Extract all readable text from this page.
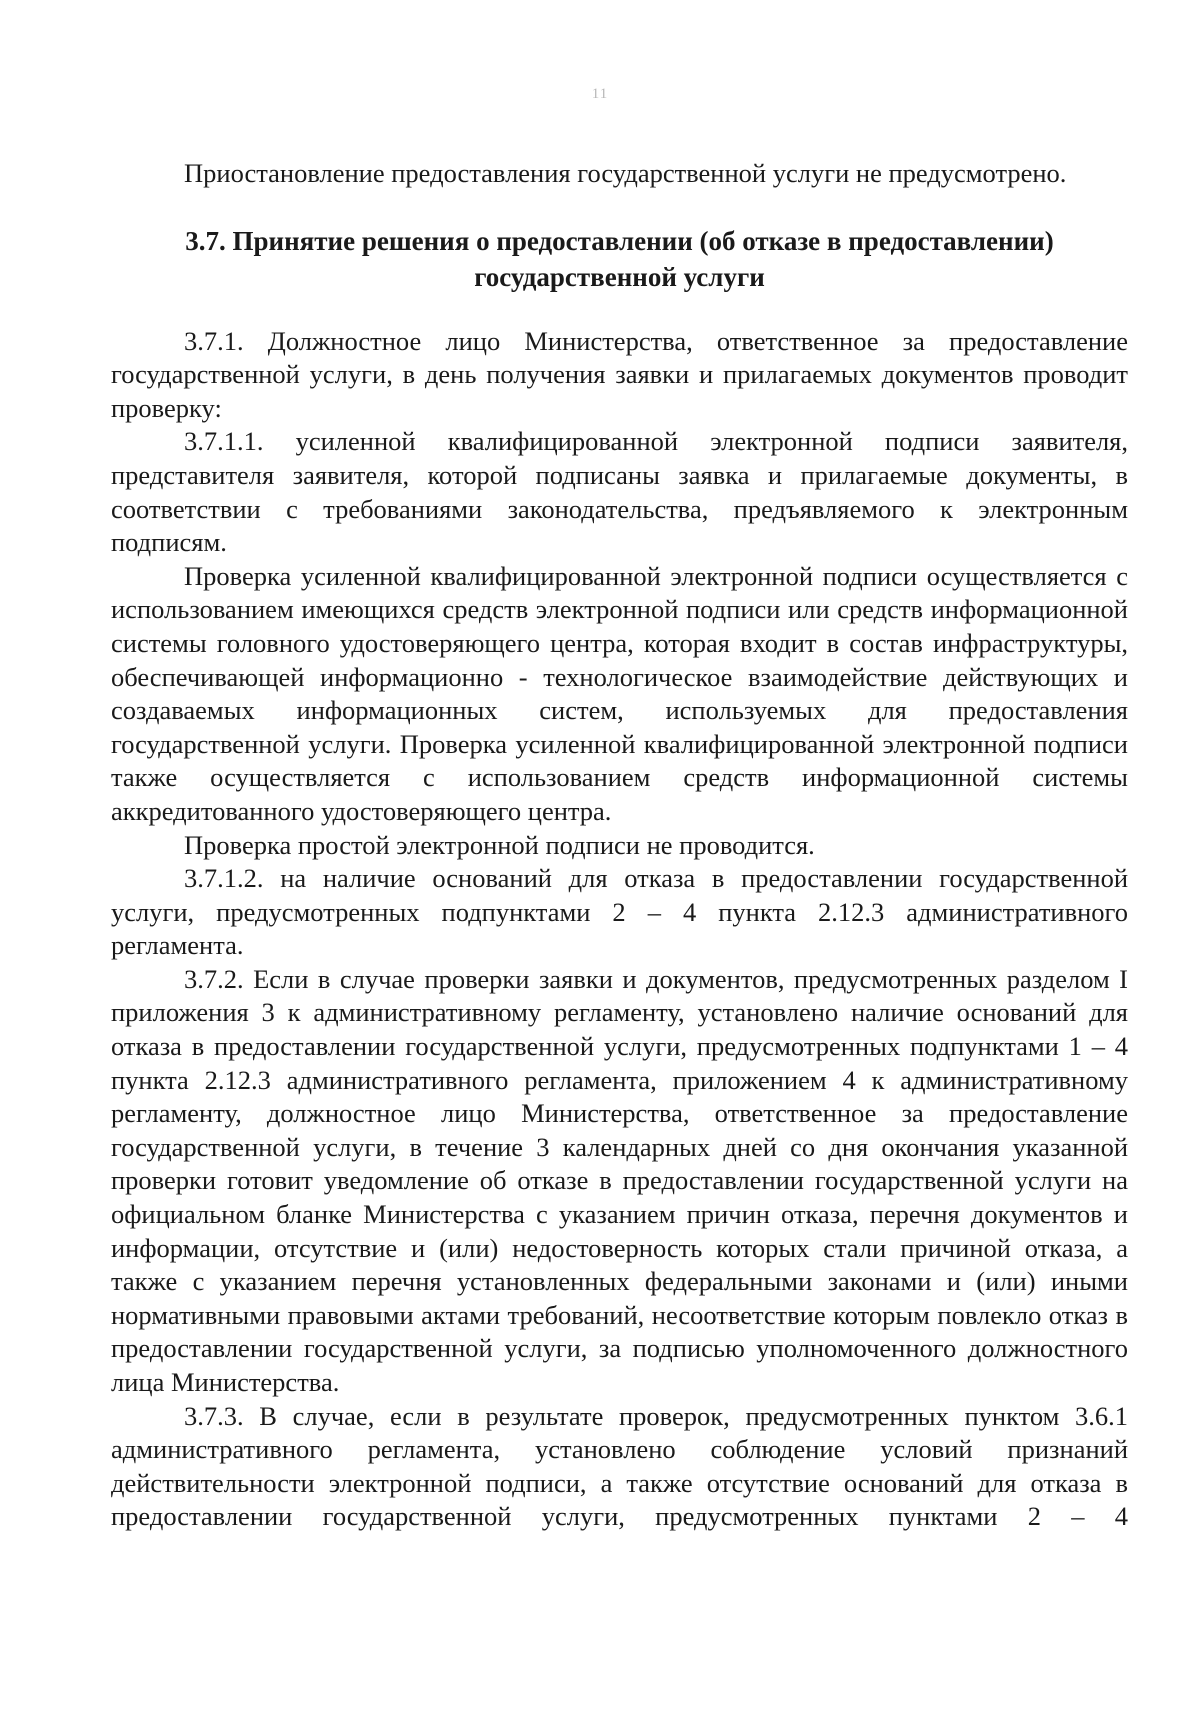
11

Приостановление предоставления государственной услуги не предусмотрено.

3.7. Принятие решения о предоставлении (об отказе в предоставлении)
государственной услуги

3.7.1. Должностное лицо Министерства, ответственное за предоставление государственной услуги, в день получения заявки и прилагаемых документов проводит проверку:

3.7.1.1. усиленной квалифицированной электронной подписи заявителя, представителя заявителя, которой подписаны заявка и прилагаемые документы, в соответствии с требованиями законодательства, предъявляемого к электронным подписям.

Проверка усиленной квалифицированной электронной подписи осуществляется с использованием имеющихся средств электронной подписи или средств информационной системы головного удостоверяющего центра, которая входит в состав инфраструктуры, обеспечивающей информационно - технологическое взаимодействие действующих и создаваемых информационных систем, используемых для предоставления государственной услуги. Проверка усиленной квалифицированной электронной подписи также осуществляется с использованием средств информационной системы аккредитованного удостоверяющего центра.

Проверка простой электронной подписи не проводится.

3.7.1.2. на наличие оснований для отказа в предоставлении государственной услуги, предусмотренных подпунктами 2 – 4 пункта 2.12.3 административного регламента.

3.7.2. Если в случае проверки заявки и документов, предусмотренных разделом I приложения 3 к административному регламенту, установлено наличие оснований для отказа в предоставлении государственной услуги, предусмотренных подпунктами 1 – 4 пункта 2.12.3 административного регламента, приложением 4 к административному регламенту, должностное лицо Министерства, ответственное за предоставление государственной услуги, в течение 3 календарных дней со дня окончания указанной проверки готовит уведомление об отказе в предоставлении государственной услуги на официальном бланке Министерства с указанием причин отказа, перечня документов и информации, отсутствие и (или) недостоверность которых стали причиной отказа, а также с указанием перечня установленных федеральными законами и (или) иными нормативными правовыми актами требований, несоответствие которым повлекло отказ в предоставлении государственной услуги, за подписью уполномоченного должностного лица Министерства.

3.7.3. В случае, если в результате проверок, предусмотренных пунктом 3.6.1 административного регламента, установлено соблюдение условий признаний действительности электронной подписи, а также отсутствие оснований для отказа в предоставлении государственной услуги, предусмотренных пунктами 2 – 4
